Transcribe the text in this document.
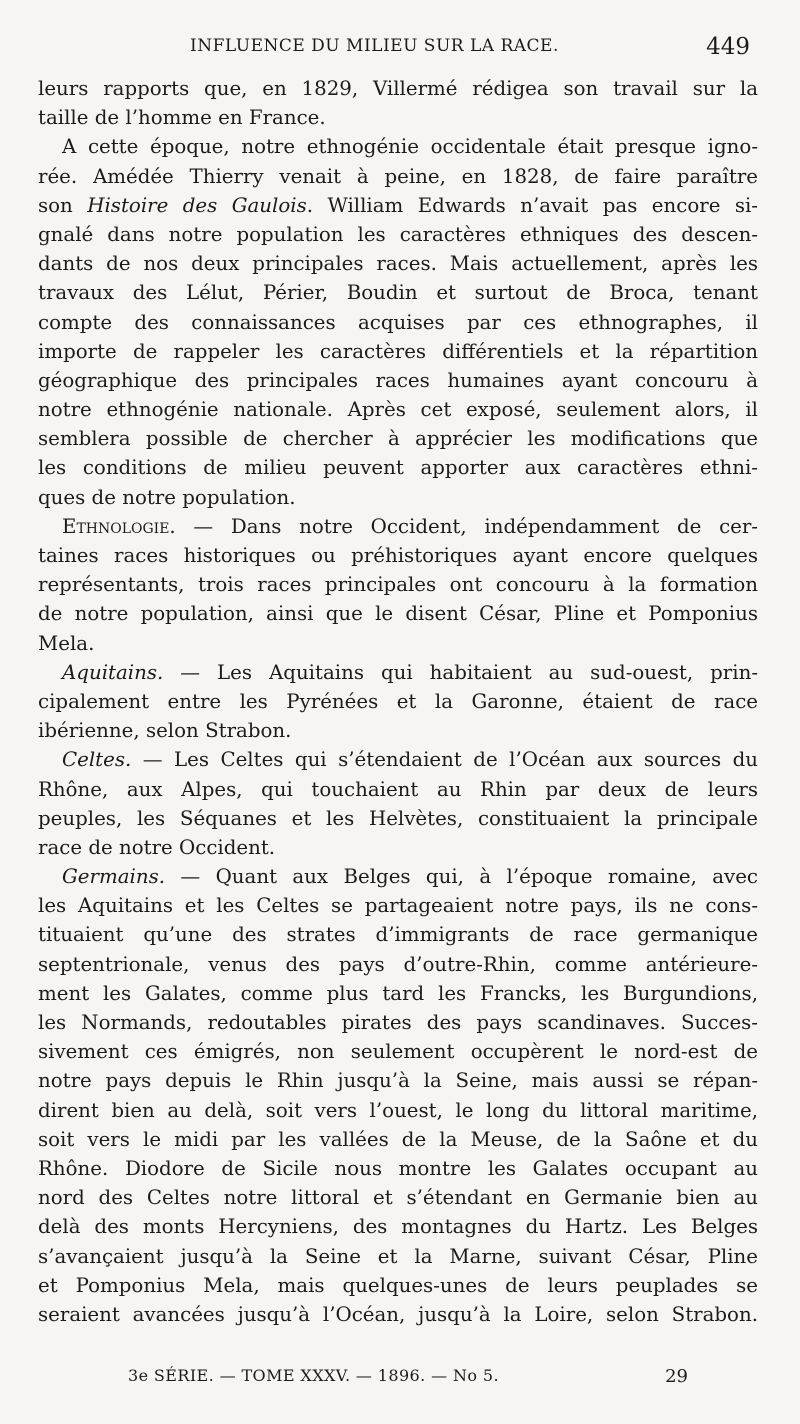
INFLUENCE DU MILIEU SUR LA RACE.	449
leurs rapports que, en 1829, Villermé rédigea son travail sur la
taille de l’homme en France.
A cette époque, notre ethnogénie occidentale était presque igno-
rée. Amédée Thierry venait à peine, en 1828, de faire paraître
son Histoire des Gaulois. William Edwards n’avait pas encore si-
gnalé dans notre population les caractères ethniques des descen-
dants de nos deux principales races. Mais actuellement, après les
travaux des Lélut, Périer, Boudin et surtout de Broca, tenant
compte des connaissances acquises par ces ethnographes, il
importe de rappeler les caractères différentiels et la répartition
géographique des principales races humaines ayant concouru à
notre ethnogénie nationale. Après cet exposé, seulement alors, il
semblera possible de chercher à apprécier les modifications que
les conditions de milieu peuvent apporter aux caractères ethni-
ques de notre population.
Ethnologie. — Dans notre Occident, indépendamment de cer-
taines races historiques ou préhistoriques ayant encore quelques
représentants, trois races principales ont concouru à la formation
de notre population, ainsi que le disent César, Pline et Pomponius
Mela.
Aquitains. — Les Aquitains qui habitaient au sud-ouest, prin-
cipalement entre les Pyrénées et la Garonne, étaient de race
ibérienne, selon Strabon.
Celtes. — Les Celtes qui s’étendaient de l’Océan aux sources du
Rhône, aux Alpes, qui touchaient au Rhin par deux de leurs
peuples, les Séquanes et les Helvètes, constituaient la principale
race de notre Occident.
Germains. — Quant aux Belges qui, à l’époque romaine, avec
les Aquitains et les Celtes se partageaient notre pays, ils ne cons-
tituaient qu’une des strates d’immigrants de race germanique
septentrionale, venus des pays d’outre-Rhin, comme antérieure-
ment les Galates, comme plus tard les Francks, les Burgundions,
les Normands, redoutables pirates des pays scandinaves. Succes-
sivement ces émigrés, non seulement occupèrent le nord-est de
notre pays depuis le Rhin jusqu’à la Seine, mais aussi se répan-
dirent bien au delà, soit vers l’ouest, le long du littoral maritime,
soit vers le midi par les vallées de la Meuse, de la Saône et du
Rhône. Diodore de Sicile nous montre les Galates occupant au
nord des Celtes notre littoral et s’étendant en Germanie bien au
delà des monts Hercyniens, des montagnes du Hartz. Les Belges
s’avançaient jusqu’à la Seine et la Marne, suivant César, Pline
et Pomponius Mela, mais quelques-unes de leurs peuplades se
seraient avancées jusqu’à l’Océan, jusqu’à la Loire, selon Strabon.
3e SÉRIE. — TOME XXXV. — 1896. — No 5.	29
